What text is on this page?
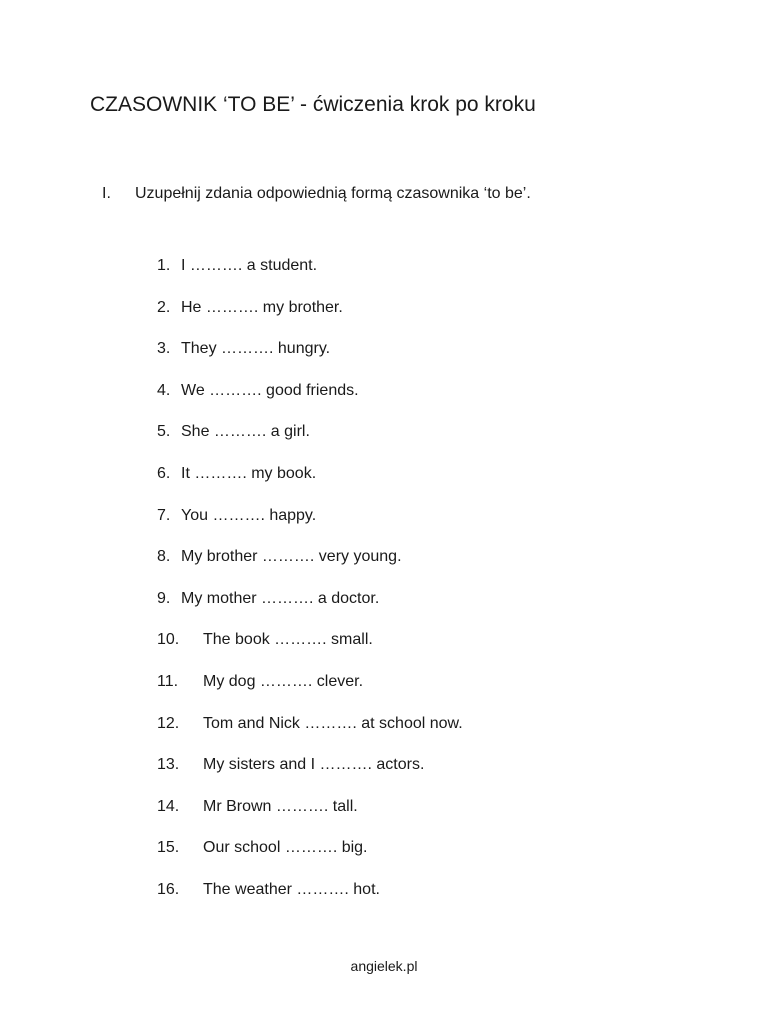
CZASOWNIK ‘TO BE’ - ćwiczenia krok po kroku
I. Uzupełnij zdania odpowiednią formą czasownika ‘to be’.
1. I ………. a student.
2. He ………. my brother.
3. They ………. hungry.
4. We ………. good friends.
5. She ………. a girl.
6. It ………. my book.
7. You ………. happy.
8. My brother ………. very young.
9. My mother ………. a doctor.
10. The book ………. small.
11. My dog ………. clever.
12. Tom and Nick ………. at school now.
13. My sisters and I ………. actors.
14. Mr Brown ………. tall.
15. Our school ………. big.
16. The weather ………. hot.
angielek.pl
